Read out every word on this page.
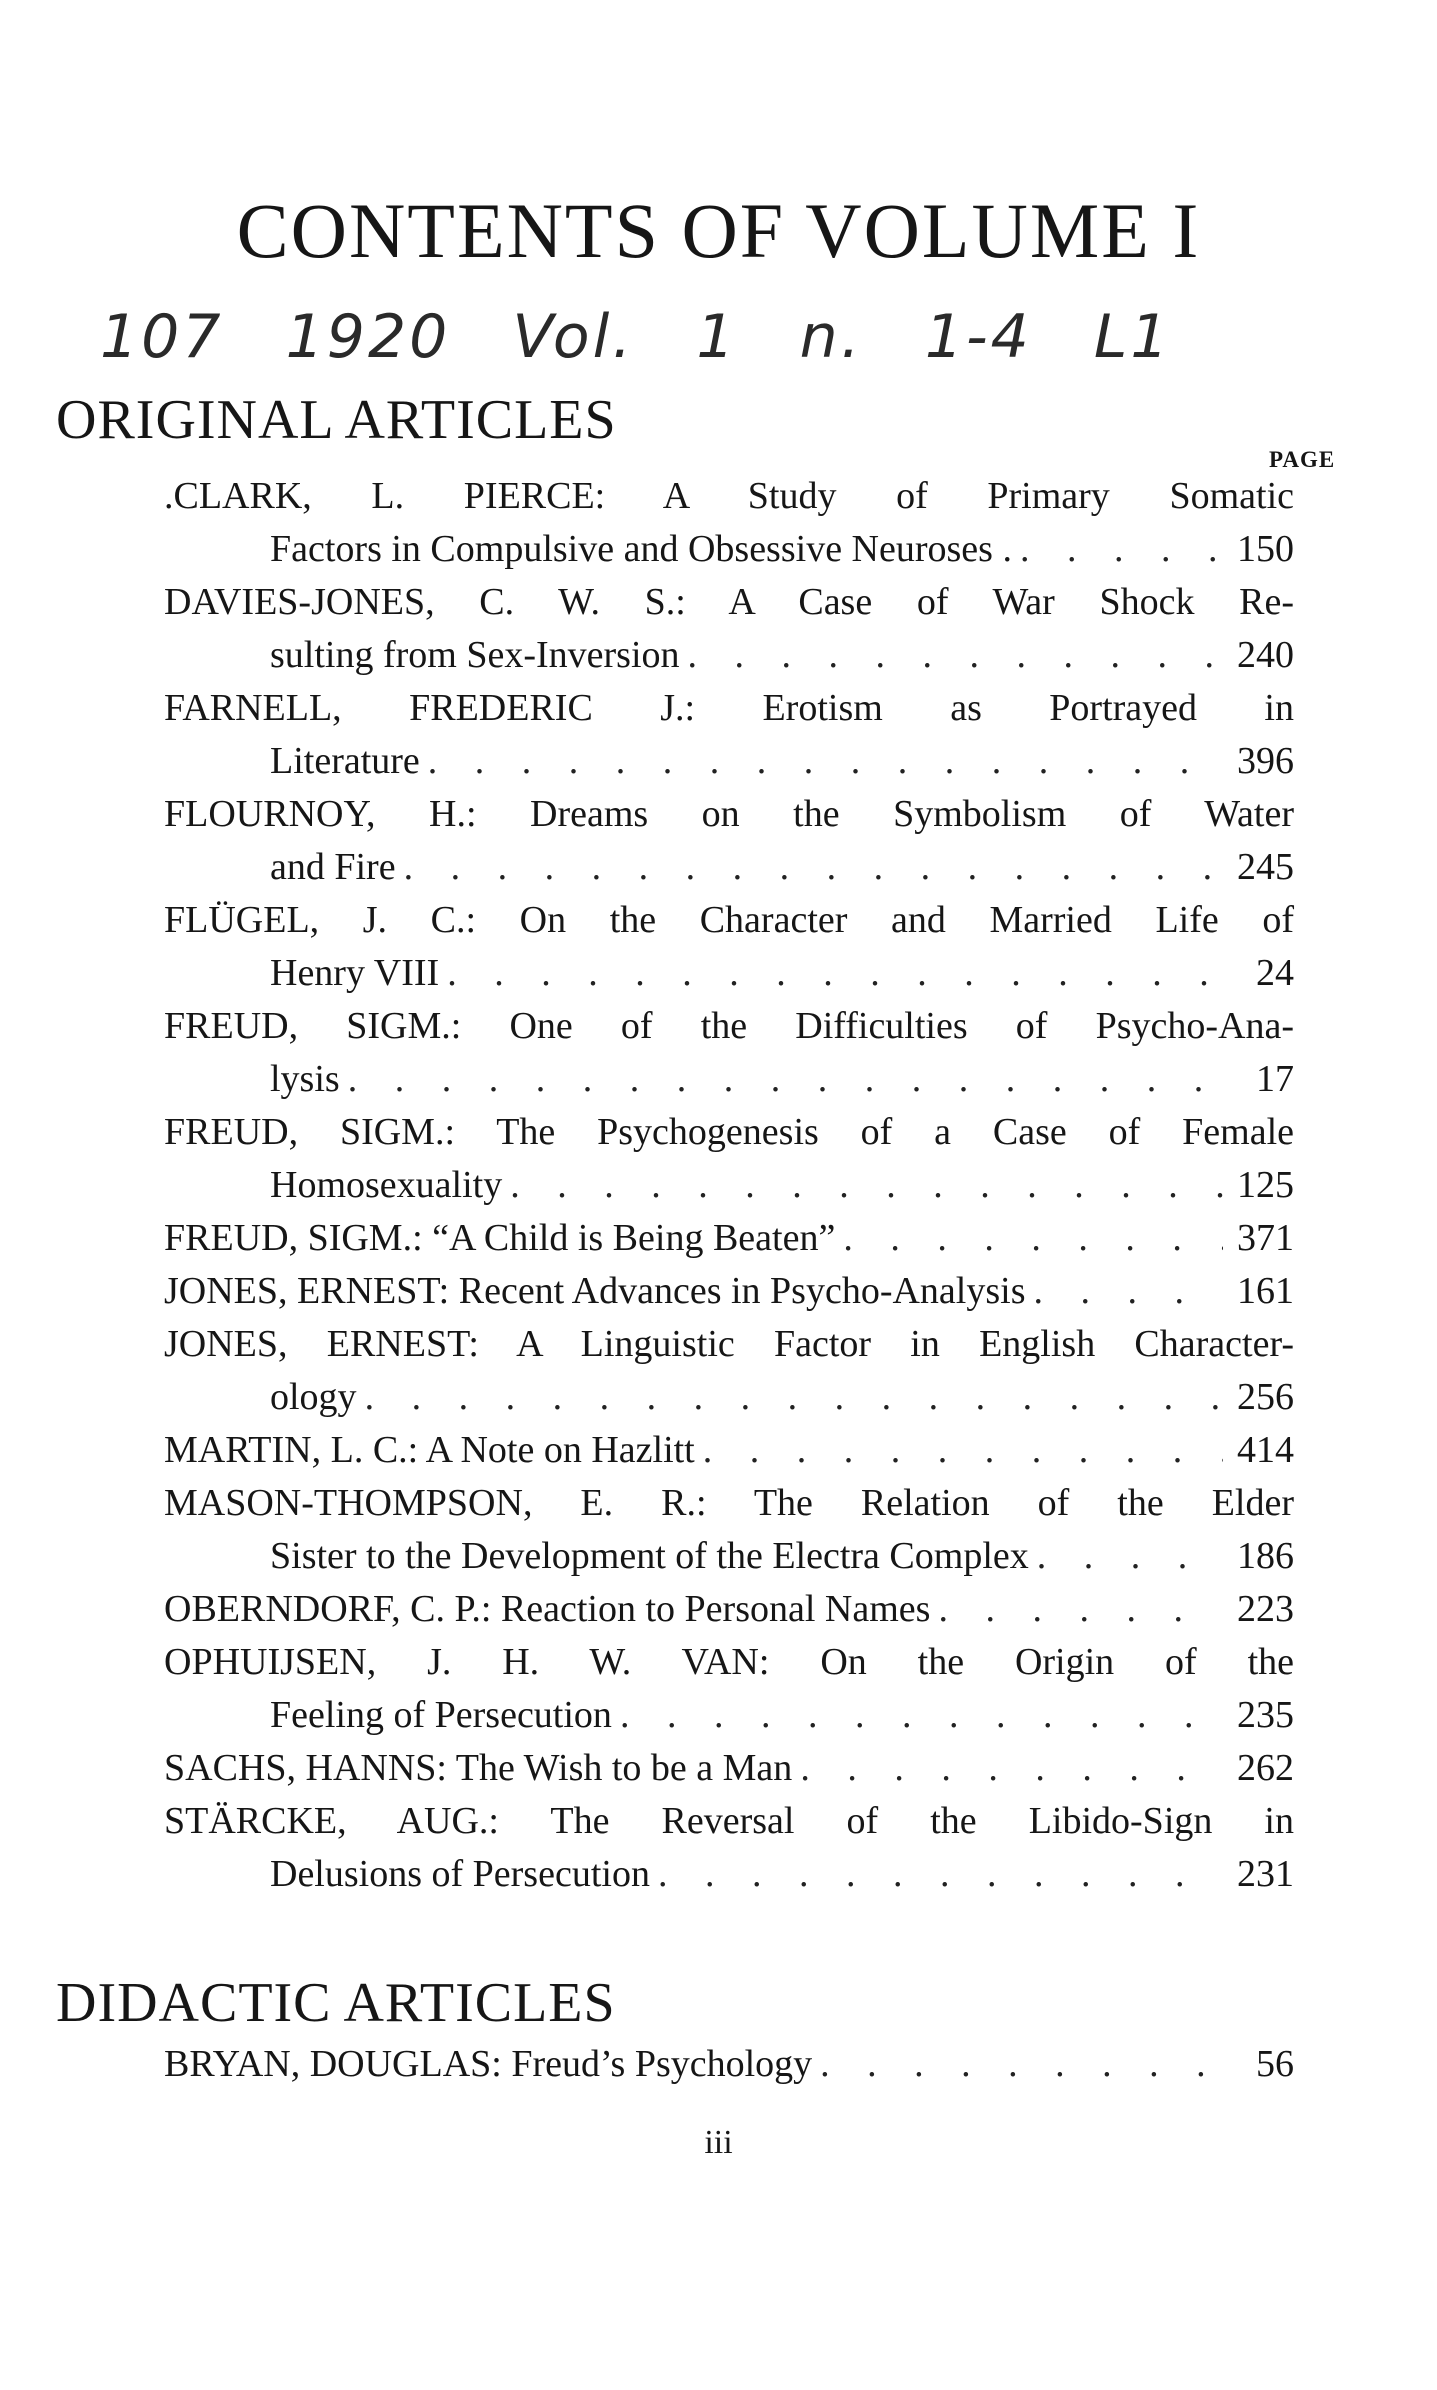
CONTENTS OF VOLUME I
107 1920 Vol. 1 n. 1-4 L1
ORIGINAL ARTICLES
PAGE
.CLARK, L. PIERCE: A Study of Primary Somatic
Factors in Compulsive and Obsessive Neuroses . . . .	150
DAVIES-JONES, C. W. S.: A Case of War Shock Re-
sulting from Sex-Inversion . . .	240
FARNELL, FREDERIC J.: Erotism as Portrayed in
Literature . . .	396
FLOURNOY, H.: Dreams on the Symbolism of Water
and Fire . . .	245
FLÜGEL, J. C.: On the Character and Married Life of
Henry VIII . . .	24
FREUD, SIGM.: One of the Difficulties of Psycho-Ana-
lysis . . .	17
FREUD, SIGM.: The Psychogenesis of a Case of Female
Homosexuality . . .	125
FREUD, SIGM.: “A Child is Being Beaten” . . .	371
JONES, ERNEST: Recent Advances in Psycho-Analysis . . .	161
JONES, ERNEST: A Linguistic Factor in English Character-
ology . . .	256
MARTIN, L. C.: A Note on Hazlitt . . .	414
MASON-THOMPSON, E. R.: The Relation of the Elder
Sister to the Development of the Electra Complex . . .	186
OBERNDORF, C. P.: Reaction to Personal Names . . .	223
OPHUIJSEN, J. H. W. VAN: On the Origin of the
Feeling of Persecution . . .	235
SACHS, HANNS: The Wish to be a Man . . .	262
STÄRCKE, AUG.: The Reversal of the Libido-Sign in
Delusions of Persecution . . .	231
DIDACTIC ARTICLES
BRYAN, DOUGLAS: Freud’s Psychology . . .	56
iii
